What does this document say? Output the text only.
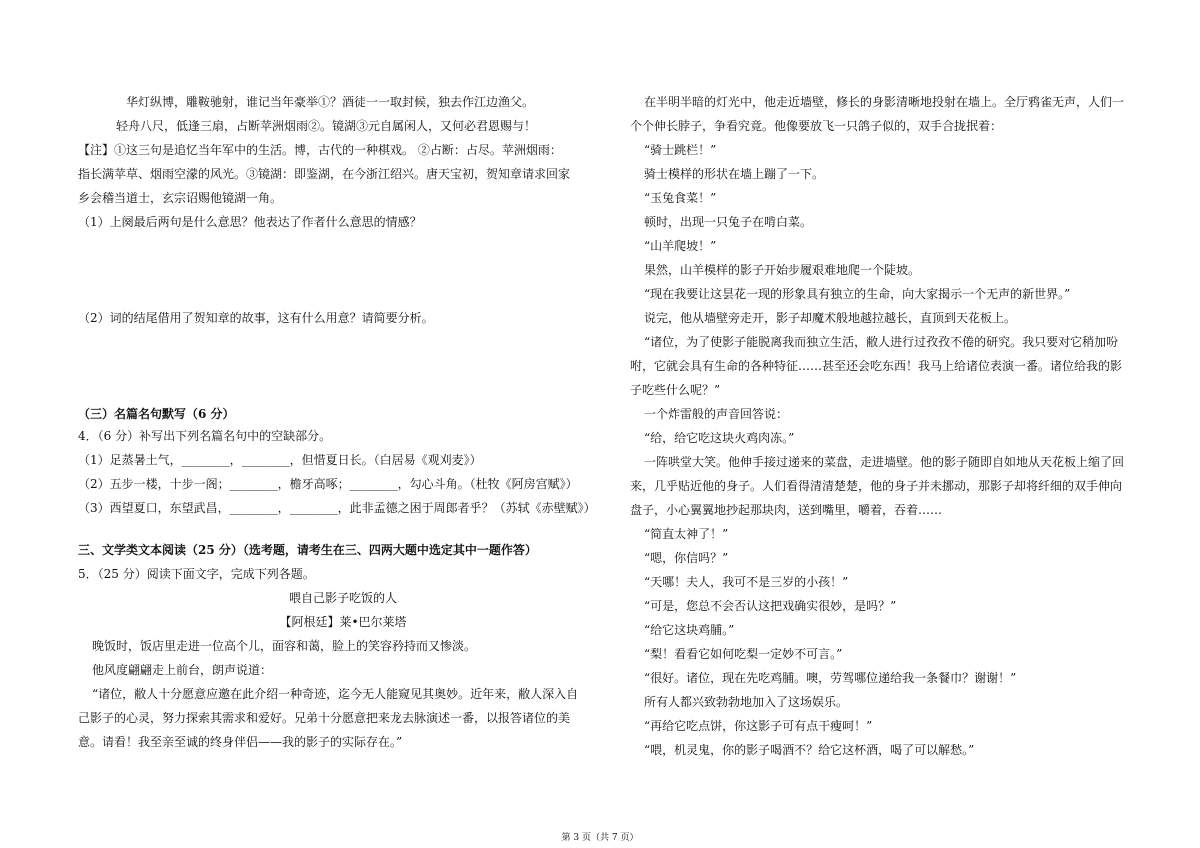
华灯纵博，雕鞍驰射，谁记当年豪举①？酒徒一一取封候，独去作江边渔父。
轻舟八尺，低逢三扇，占断苹洲烟雨②。镜湖③元自属闲人，又何必君恩赐与！
【注】①这三句是追忆当年军中的生活。博，古代的一种棋戏。 ②占断：占尽。苹洲烟雨：
指长满苹草、烟雨空濛的风光。③镜湖：即鉴湖，在今浙江绍兴。唐天宝初，贺知章请求回家
乡会稽当道士，玄宗诏赐他镜湖一角。
（1）上阕最后两句是什么意思？他表达了作者什么意思的情感？
（2）词的结尾借用了贺知章的故事，这有什么用意？请简要分析。
（三）名篇名句默写（6 分）
4．（6 分）补写出下列名篇名句中的空缺部分。
（1）足蒸暑土气，________，________，但惜夏日长。（白居易《观刈麦》）
（2）五步一楼，十步一阁；________，檐牙高啄；________，勾心斗角。（杜牧《阿房宫赋》）
（3）西望夏口，东望武昌，________，________，此非孟德之困于周郎者乎？（苏轼《赤壁赋》）
三、文学类文本阅读（25 分）（选考题，请考生在三、四两大题中选定其中一题作答）
5．（25 分）阅读下面文字，完成下列各题。
喂自己影子吃饭的人
【阿根廷】莱•巴尔莱塔
晚饭时，饭店里走进一位高个儿，面容和蔼，脸上的笑容矜持而又惨淡。
他风度翩翩走上前台，朗声说道：
“诸位，敝人十分愿意应邀在此介绍一种奇迹，迄今无人能窥见其奥妙。近年来，敝人深入自
己影子的心灵，努力探索其需求和爱好。兄弟十分愿意把来龙去脉演述一番，以报答诸位的美
意。请看！我至亲至诚的终身伴侣——我的影子的实际存在。”
在半明半暗的灯光中，他走近墙壁，修长的身影清晰地投射在墙上。全厅鸦雀无声，人们一
个个伸长脖子，争看究竟。他像要放飞一只鸽子似的，双手合拢抿着：
“骑士跳栏！”
骑士模样的形状在墙上蹦了一下。
“玉兔食菜！”
顿时，出现一只兔子在啃白菜。
“山羊爬坡！”
果然，山羊模样的影子开始步履艰难地爬一个陡坡。
“现在我要让这昙花一现的形象具有独立的生命，向大家揭示一个无声的新世界。”
说完，他从墙壁旁走开，影子却魔术般地越拉越长，直顶到天花板上。
“诸位，为了使影子能脱离我而独立生活，敝人进行过孜孜不倦的研究。我只要对它稍加吩
咐，它就会具有生命的各种特征……甚至还会吃东西！我马上给诸位表演一番。诸位给我的影
子吃些什么呢？”
一个炸雷般的声音回答说：
“给，给它吃这块火鸡肉冻。”
一阵哄堂大笑。他伸手接过递来的菜盘，走进墙壁。他的影子随即自如地从天花板上缩了回
来，几乎贴近他的身子。人们看得清清楚楚，他的身子并未挪动，那影子却将纤细的双手伸向
盘子，小心翼翼地抄起那块肉，送到嘴里，嚼着，吞着……
“简直太神了！”
“嗯，你信吗？”
“天哪！夫人，我可不是三岁的小孩！”
“可是，您总不会否认这把戏确实很妙，是吗？”
“给它这块鸡脯。”
“梨！看看它如何吃梨一定妙不可言。”
“很好。诸位，现在先吃鸡脯。噢，劳驾哪位递给我一条餐巾？谢谢！”
所有人都兴致勃勃地加入了这场娱乐。
“再给它吃点饼，你这影子可有点干瘦呵！”
“喂，机灵鬼，你的影子喝酒不？给它这杯酒，喝了可以解愁。”
第 3 页（共 7 页）
